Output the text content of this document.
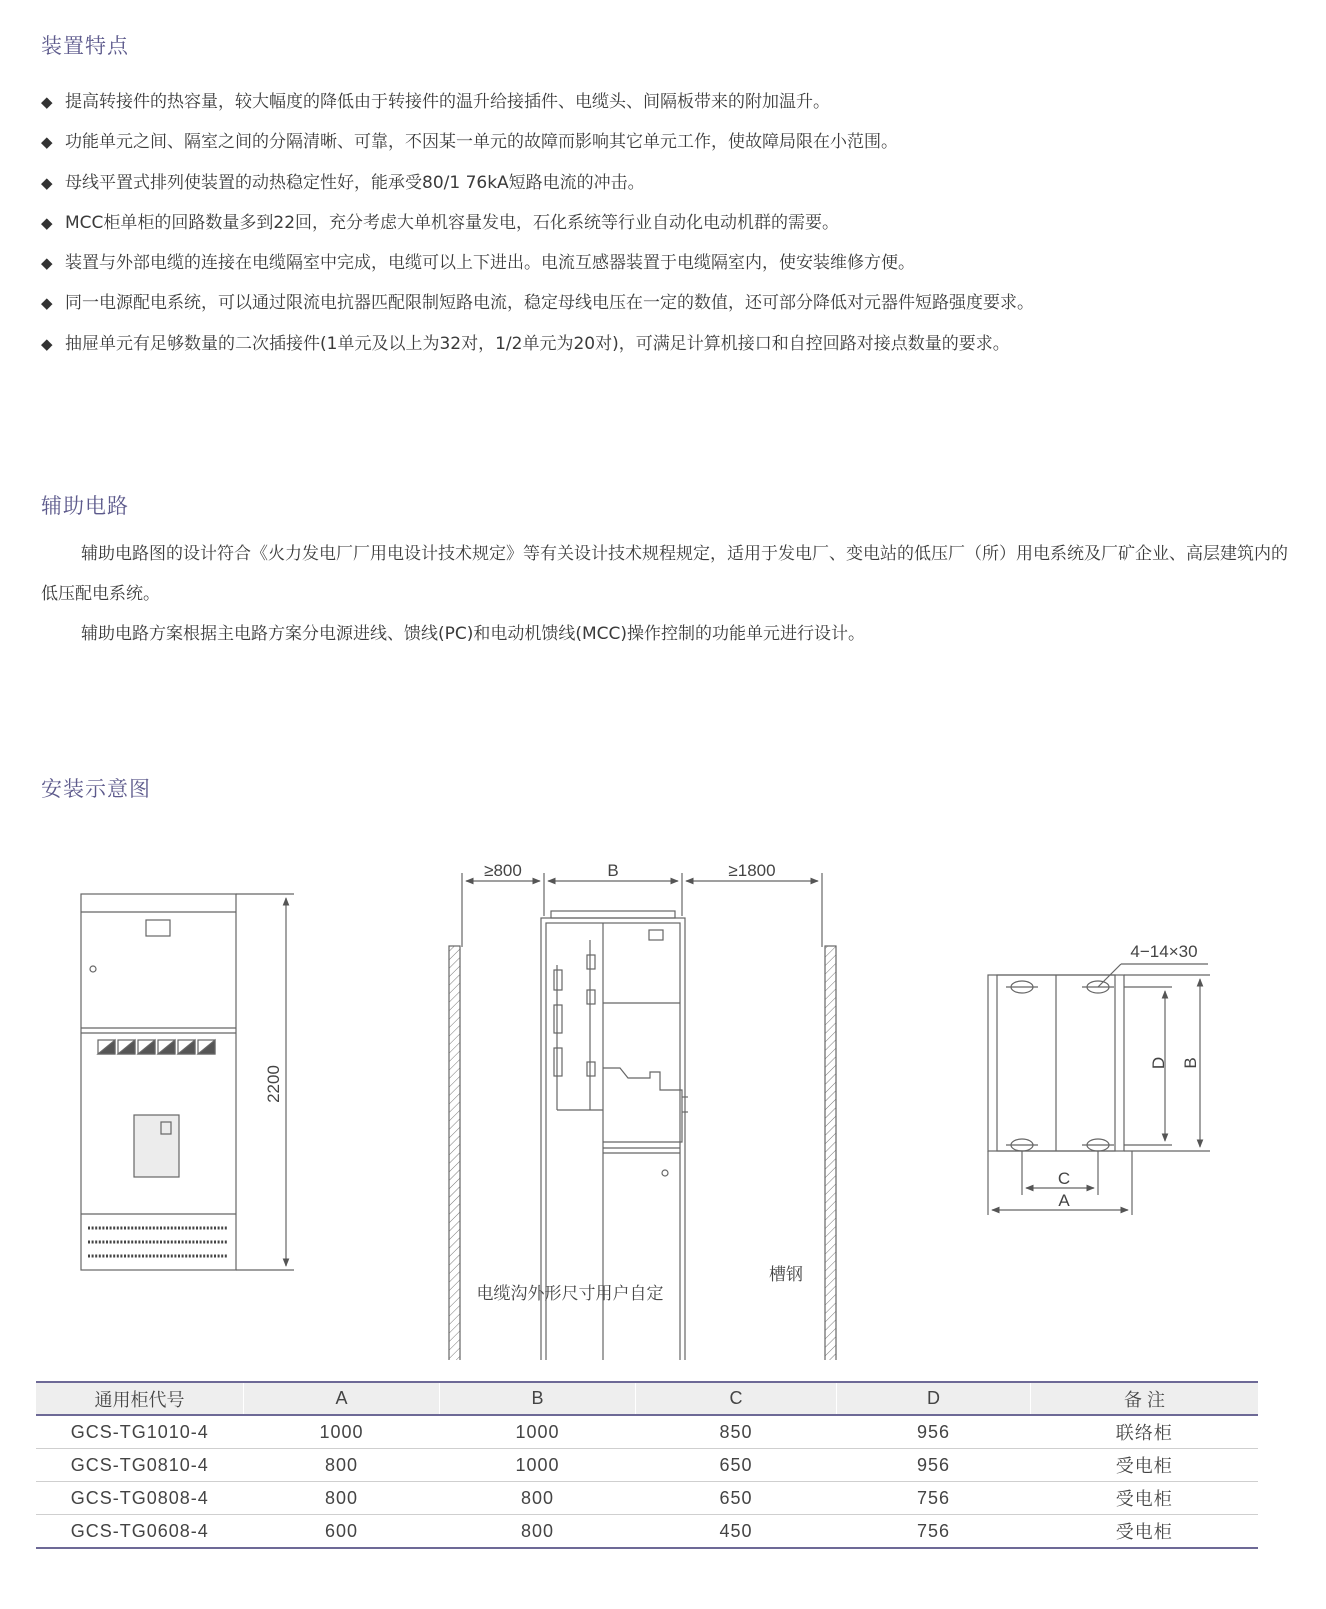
装置特点
◆ 提高转接件的热容量，较大幅度的降低由于转接件的温升给接插件、电缆头、间隔板带来的附加温升。
◆ 功能单元之间、隔室之间的分隔清晰、可靠，不因某一单元的故障而影响其它单元工作，使故障局限在小范围。
◆ 母线平置式排列使装置的动热稳定性好，能承受80/1 76kA短路电流的冲击。
◆ MCC柜单柜的回路数量多到22回，充分考虑大单机容量发电，石化系统等行业自动化电动机群的需要。
◆ 装置与外部电缆的连接在电缆隔室中完成，电缆可以上下进出。电流互感器装置于电缆隔室内，使安装维修方便。
◆ 同一电源配电系统，可以通过限流电抗器匹配限制短路电流，稳定母线电压在一定的数值，还可部分降低对元器件短路强度要求。
◆ 抽屉单元有足够数量的二次插接件(1单元及以上为32对，1/2单元为20对)，可满足计算机接口和自控回路对接点数量的要求。
辅助电路

辅助电路图的设计符合《火力发电厂厂用电设计技术规定》等有关设计技术规程规定，适用于发电厂、变电站的低压厂（所）用电系统及厂矿企业、高层建筑内的低压配电系统。

辅助电路方案根据主电路方案分电源进线、馈线(PC)和电动机馈线(MCC)操作控制的功能单元进行设计。

安装示意图
2200
≥800	B	≥1800
电缆沟外形尺寸用户自定
槽钢
4−14×30
D B
C
A
通用柜代号	A	B	C	D	备 注
GCS-TG1010-4	1000	1000	850	956	联络柜
GCS-TG0810-4	800	1000	650	956	受电柜
GCS-TG0808-4	800	800	650	756	受电柜
GCS-TG0608-4	600	800	450	756	受电柜
